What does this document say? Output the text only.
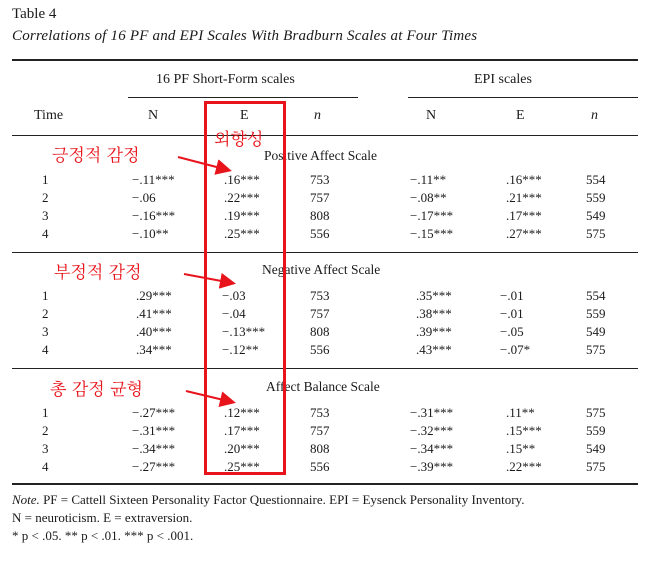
Table 4
Correlations of 16 PF and EPI Scales With Bradburn Scales at Four Times
16 PF Short-Form scales	EPI scales
Time	N	E	n	N	E	n
Positive Affect Scale
1	−.11***	.16***	753	−.11**	.16***	554
2	−.06	.22***	757	−.08**	.21***	559
3	−.16***	.19***	808	−.17***	.17***	549
4	−.10**	.25***	556	−.15***	.27***	575
Negative Affect Scale
1	.29***	−.03	753	.35***	−.01	554
2	.41***	−.04	757	.38***	−.01	559
3	.40***	−.13***	808	.39***	−.05	549
4	.34***	−.12**	556	.43***	−.07*	575
Affect Balance Scale
1	−.27***	.12***	753	−.31***	.11**	575
2	−.31***	.17***	757	−.32***	.15***	559
3	−.34***	.20***	808	−.34***	.15**	549
4	−.27***	.25***	556	−.39***	.22***	575
외향성
긍정적 감정
부정적 감정
총 감정 균형
Note. PF = Cattell Sixteen Personality Factor Questionnaire. EPI = Eysenck Personality Inventory.
N = neuroticism. E = extraversion.
* p < .05. ** p < .01. *** p < .001.
